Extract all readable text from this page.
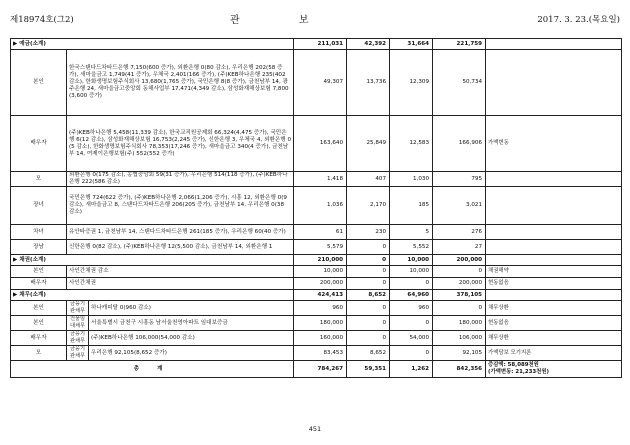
제18974호(그2)	관 보	2017. 3. 23.(목요일)
▶ 예금(소계)			211,031	42,392	31,664	221,759	
본인	한국스탠다드차타드은행 7,150(600 증가), 외환은행 0(80 감소), 우리은행 202(58 증가), 새마을금고 1,749(41 증가), 우체국 2,401(166 증가), (주)KEB하나은행 235(402 감소), 한화생명보험주식회사 13,680(1,765 증가), 국민은행 8(8 증가), 금천남부 14, 광주은행 24, 새마을금고중앙회 동해사업부 17,471(4,349 감소), 삼성화재해상보험 7,800(3,600 증가)		49,307	13,736	12,309	50,734	
배우자	(주)KEB하나은행 5,458(11,339 감소), 한국교직원공제회 66,324(4,475 증가), 국민은행 6(12 감소), 삼성화재해상보험 16,753(2,245 증가), 신한은행 3, 우체국 4, 외환은행 0(5 감소), 한화생명보험주식회사 78,353(17,246 증가), 새마을금고 340(4 증가), 금천남부 14, 여제이은행보험(주) 552(552 증가)		163,640	25,849	12,583	166,906	가액변동
모	외환은행 0(175 감소), 농협중앙회 59(31 증가), 우리은행 514(118 증가), (주)KEB하나은행 222(586 감소)		1,418	407	1,030	795	
장녀	국민은행 724(622 증가), (주)KEB하나은행 2,066(1,206 증가), 시흥 12, 외환은행 0(9 감소), 새마을금고 8, 스탠다드차타드은행 206(205 증가), 금천남부 14, 우리은행 0(38 감소)		1,036	2,170	185	3,021	
차녀	유안타증권 1, 금천남부 14, 스탠다드차타드은행 261(185 증가), 우리은행 60(40 증가)		61	230	5	276	
장남	신한은행 0(82 감소), (주)KEB하나은행 12(5,500 감소), 금천남부 14, 외환은행 1		5,579	0	5,552	27	
▶ 채권(소계)			210,000	0	10,000	200,000	
본인	사인간채권 감소		10,000	0	10,000	0	채권해약
배우자	사인간채권		200,000	0	0	200,000	현동없음
▶ 채무(소계)			424,413	8,652	64,960	378,105	
본인	금융기관채무	하나캐피탈 0(960 감소)	960	0	960	0	채무상환
본인	건물임대채무	서울특별시 금천구 시흥동 남서울천영아파트 임대보증금	180,000	0	0	180,000	현동없음
배우자	금융기관채무	(주)KEB하나은행 106,000(54,000 감소)	160,000	0	54,000	106,000	채무상환
모	금융기관채무	우리은행 92,105(8,652 증가)	83,453	8,652	0	92,105	가액담보 모기지론
총 계			784,267	59,351	1,262	842,356	증감액: 58,089천원
(가액변동: 21,233천원)
451
